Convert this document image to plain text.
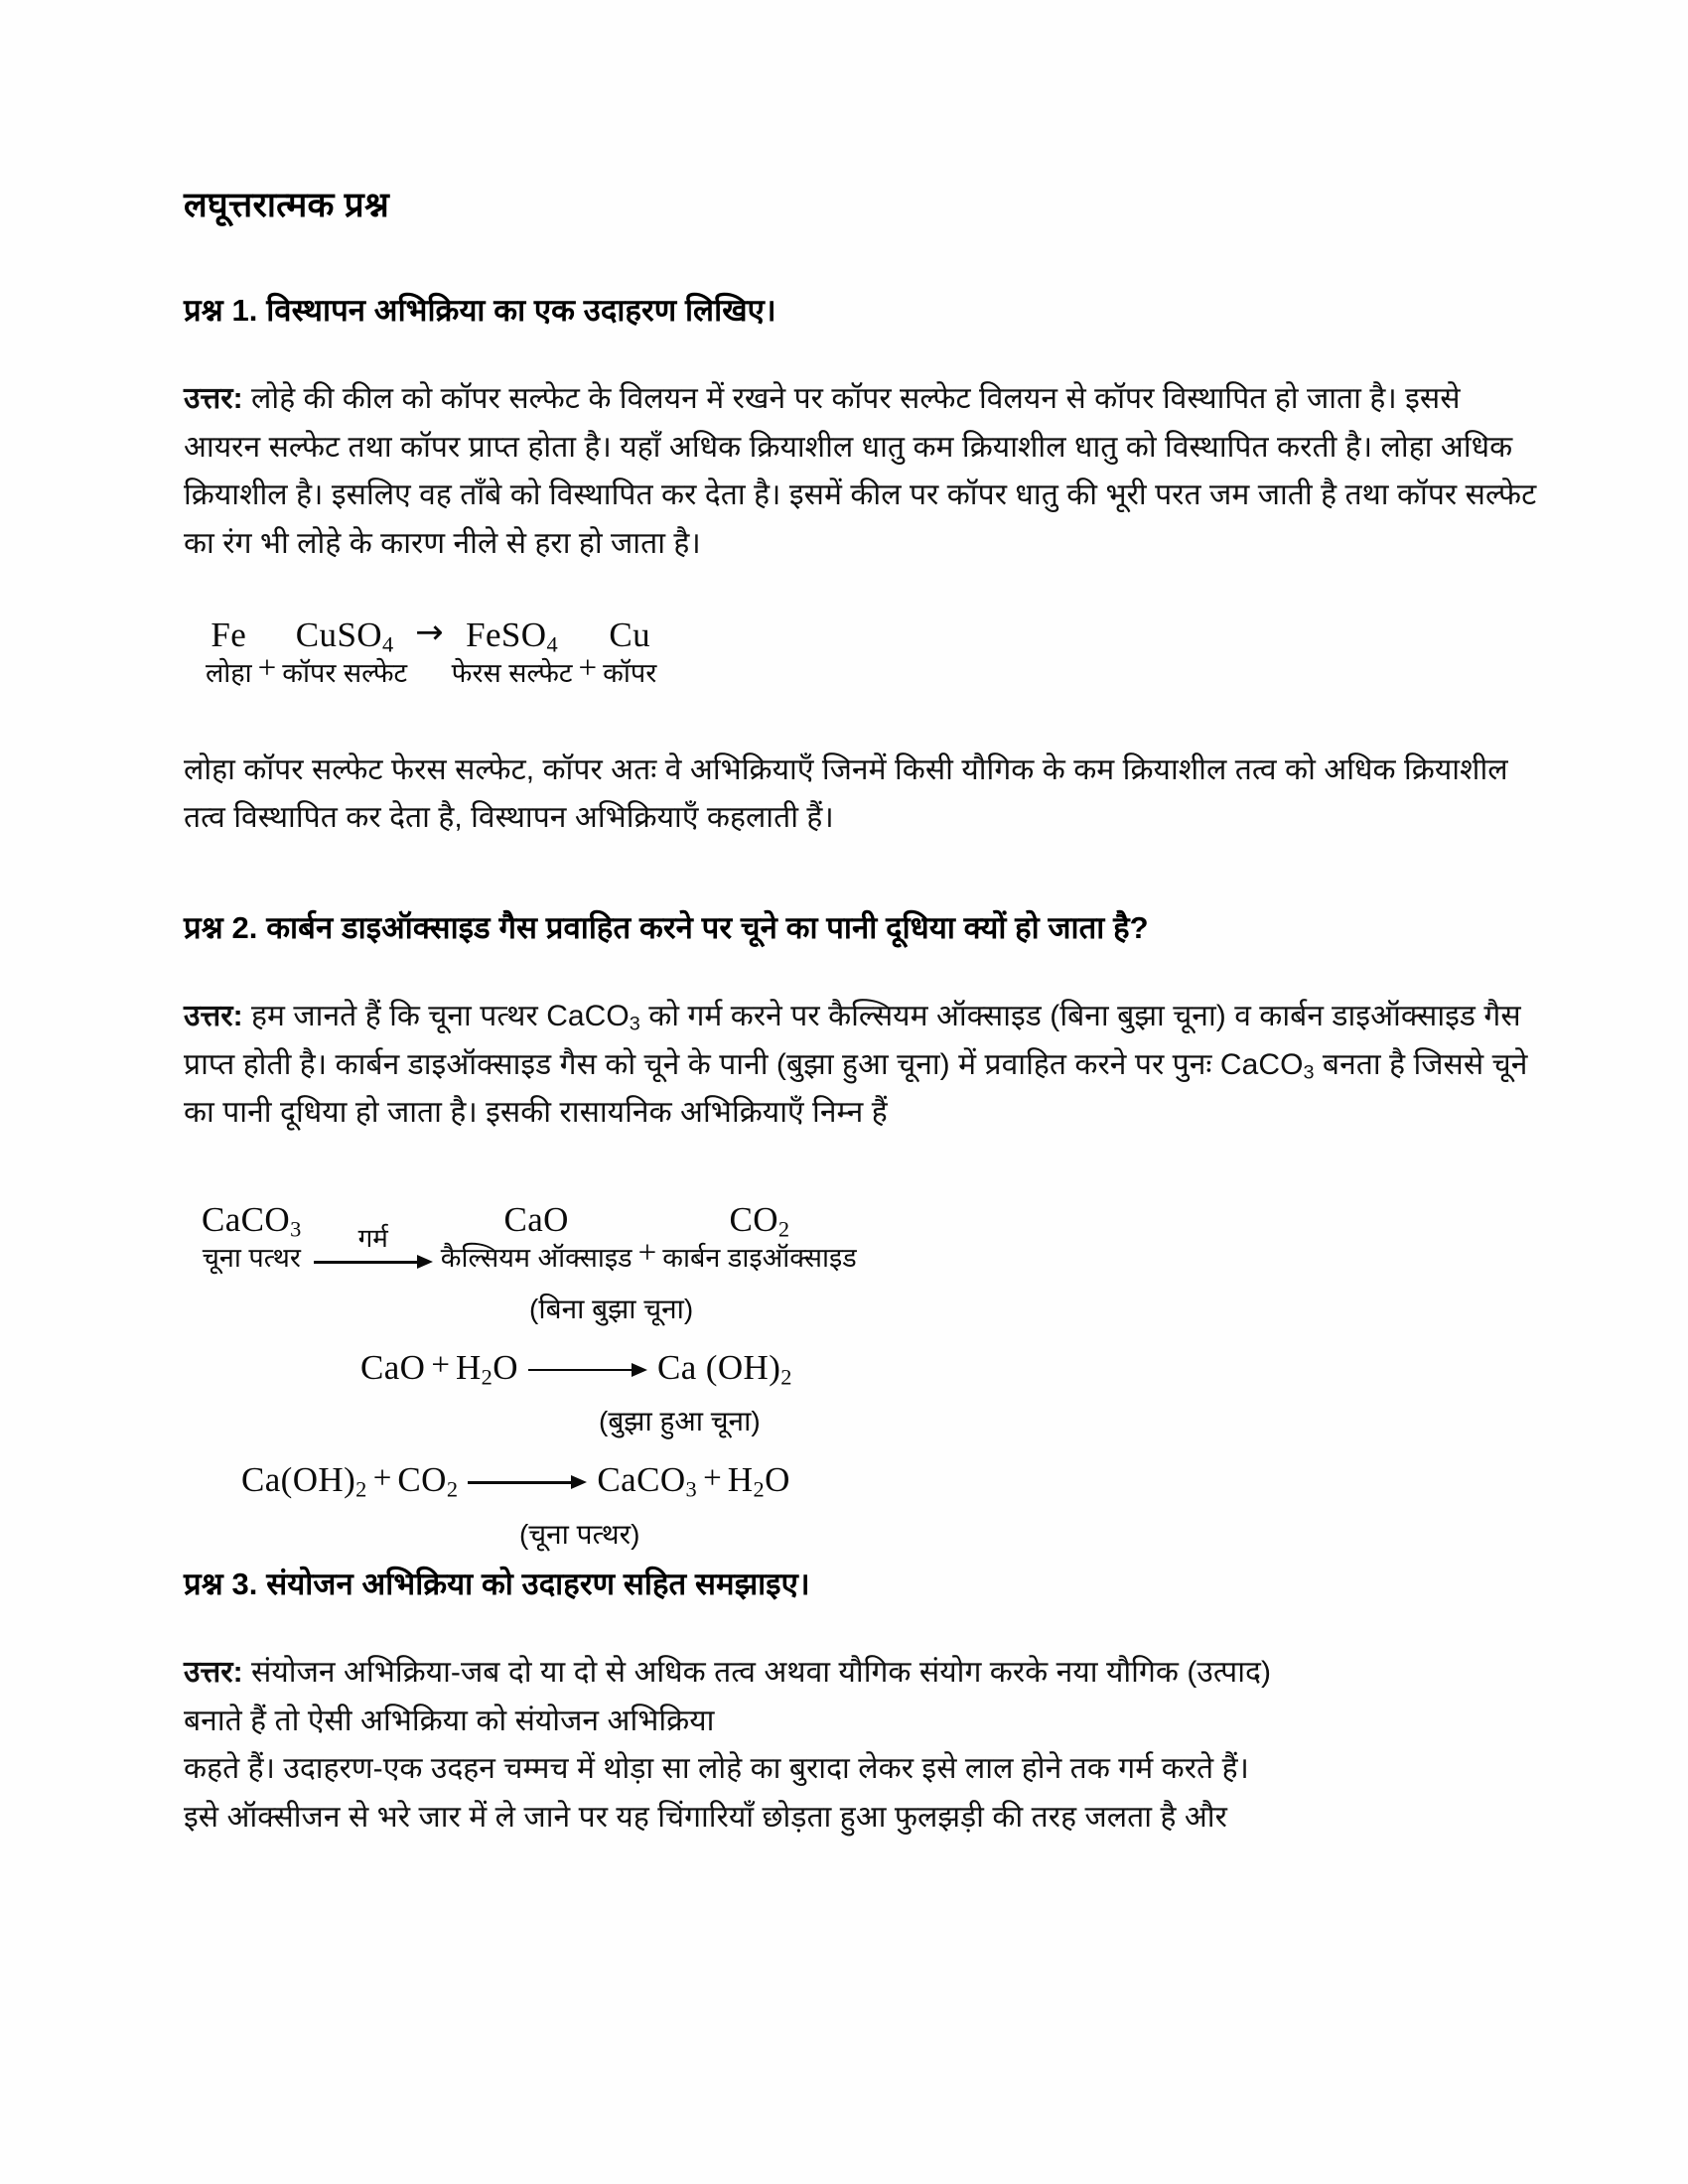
लघूत्तरात्मक प्रश्न
प्रश्न 1. विस्थापन अभिक्रिया का एक उदाहरण लिखिए।

उत्तर: लोहे की कील को कॉपर सल्फेट के विलयन में रखने पर कॉपर सल्फेट विलयन से कॉपर विस्थापित हो जाता है। इससे आयरन सल्फेट तथा कॉपर प्राप्त होता है। यहाँ अधिक क्रियाशील धातु कम क्रियाशील धातु को विस्थापित करती है। लोहा अधिक क्रियाशील है। इसलिए वह ताँबे को विस्थापित कर देता है। इसमें कील पर कॉपर धातु की भूरी परत जम जाती है तथा कॉपर सल्फेट का रंग भी लोहे के कारण नीले से हरा हो जाता है।

Fe
लोहा +
CuSO$_4$
कॉपर सल्फेट
→
FeSO$_4$
फेरस सल्फेट +
Cu
कॉपर

लोहा कॉपर सल्फेट फेरस सल्फेट, कॉपर अतः वे अभिक्रियाएँ जिनमें किसी यौगिक के कम क्रियाशील तत्व को अधिक क्रियाशील तत्व विस्थापित कर देता है, विस्थापन अभिक्रियाएँ कहलाती हैं।

प्रश्न 2. कार्बन डाइऑक्साइड गैस प्रवाहित करने पर चूने का पानी दूधिया क्यों हो जाता है?

उत्तर: हम जानते हैं कि चूना पत्थर CaCO$_3$ को गर्म करने पर कैल्सियम ऑक्साइड (बिना बुझा चूना) व कार्बन डाइऑक्साइड गैस प्राप्त होती है। कार्बन डाइऑक्साइड गैस को चूने के पानी (बुझा हुआ चूना) में प्रवाहित करने पर पुनः CaCO$_3$ बनता है जिससे चूने का पानी दूधिया हो जाता है। इसकी रासायनिक अभिक्रियाएँ निम्न हैं

CaCO$_3$
चूना पत्थर
गर्म	CaO
कैल्सियम ऑक्साइड +
$CO_2$
कार्बन डाइऑक्साइड
(बिना बुझा चूना)
CaO + $H_2O$	Ca $(OH)_2$
(बुझा हुआ चूना)
$Ca(OH)_2 + CO_2$	CaCO$_3$ + $H_2O$
(चूना पत्थर)
प्रश्न 3. संयोजन अभिक्रिया को उदाहरण सहित समझाइए।

उत्तर: संयोजन अभिक्रिया-जब दो या दो से अधिक तत्व अथवा यौगिक संयोग करके नया यौगिक (उत्पाद)
बनाते हैं तो ऐसी अभिक्रिया को संयोजन अभिक्रिया
कहते हैं। उदाहरण-एक उदहन चम्मच में थोड़ा सा लोहे का बुरादा लेकर इसे लाल होने तक गर्म करते हैं।
इसे ऑक्सीजन से भरे जार में ले जाने पर यह चिंगारियाँ छोड़ता हुआ फुलझड़ी की तरह जलता है और
